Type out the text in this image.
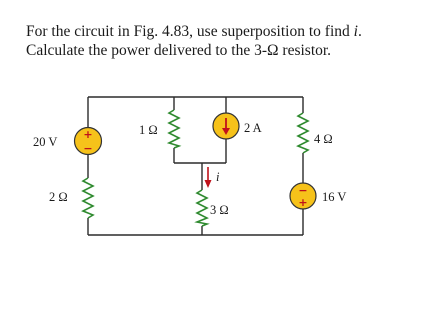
For the circuit in Fig. 4.83, use superposition to find i.
Calculate the power delivered to the 3-Ω resistor.

+
−
−
+
i
20 V
2 Ω
1 Ω	2 A
4 Ω
16 V
3 Ω
